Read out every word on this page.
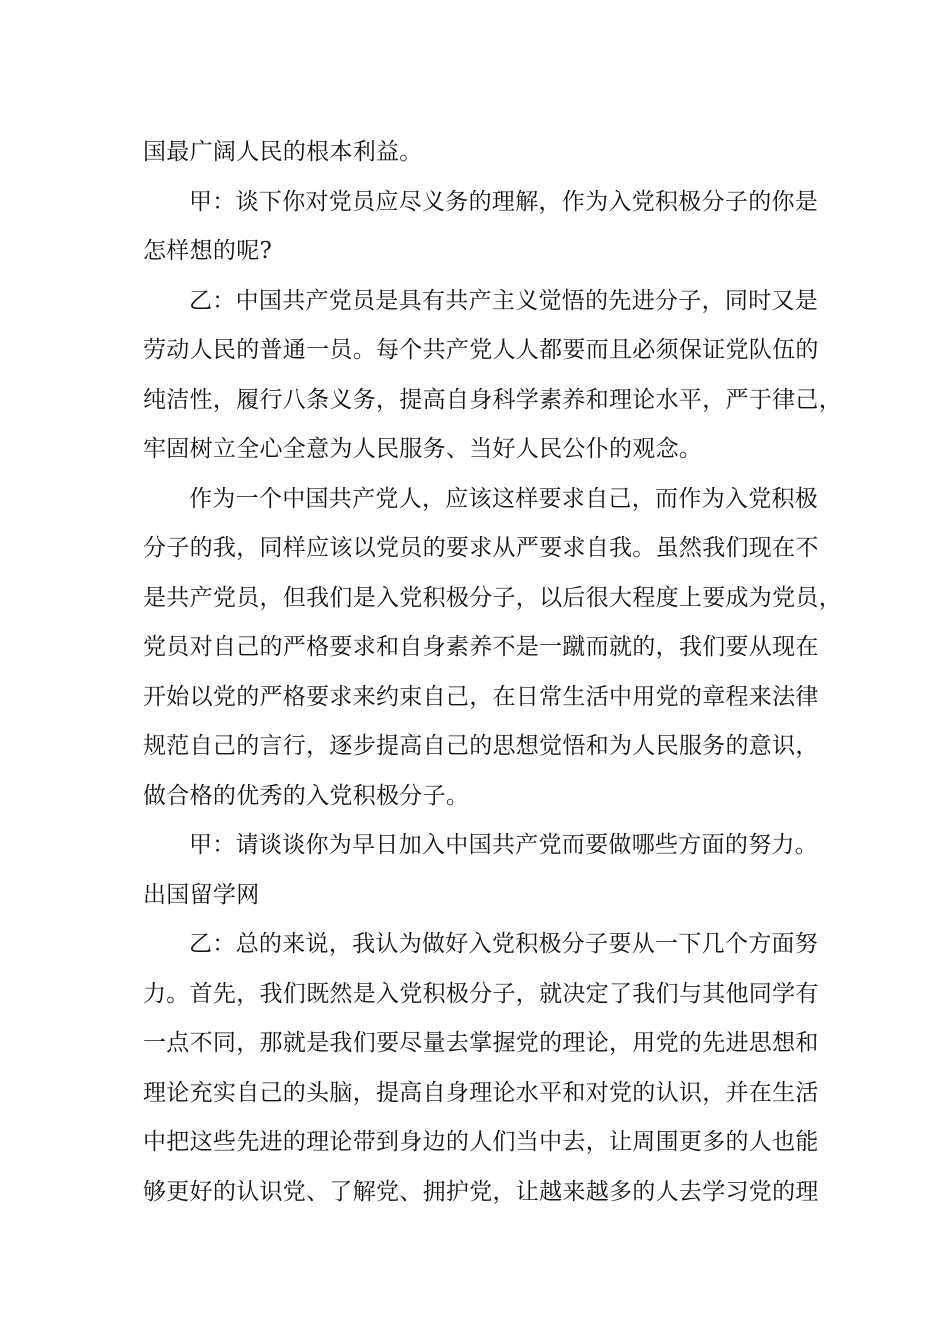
国最广阔人民的根本利益。
甲：谈下你对党员应尽义务的理解，作为入党积极分子的你是
怎样想的呢?
乙：中国共产党员是具有共产主义觉悟的先进分子，同时又是
劳动人民的普通一员。每个共产党人人都要而且必须保证党队伍的
纯洁性，履行八条义务，提高自身科学素养和理论水平，严于律己，
牢固树立全心全意为人民服务、当好人民公仆的观念。
作为一个中国共产党人，应该这样要求自己，而作为入党积极
分子的我，同样应该以党员的要求从严要求自我。虽然我们现在不
是共产党员，但我们是入党积极分子，以后很大程度上要成为党员，
党员对自己的严格要求和自身素养不是一蹴而就的，我们要从现在
开始以党的严格要求来约束自己，在日常生活中用党的章程来法律
规范自己的言行，逐步提高自己的思想觉悟和为人民服务的意识，
做合格的优秀的入党积极分子。
甲：请谈谈你为早日加入中国共产党而要做哪些方面的努力。
出国留学网
乙：总的来说，我认为做好入党积极分子要从一下几个方面努
力。首先，我们既然是入党积极分子，就决定了我们与其他同学有
一点不同，那就是我们要尽量去掌握党的理论，用党的先进思想和
理论充实自己的头脑，提高自身理论水平和对党的认识，并在生活
中把这些先进的理论带到身边的人们当中去，让周围更多的人也能
够更好的认识党、了解党、拥护党，让越来越多的人去学习党的理
